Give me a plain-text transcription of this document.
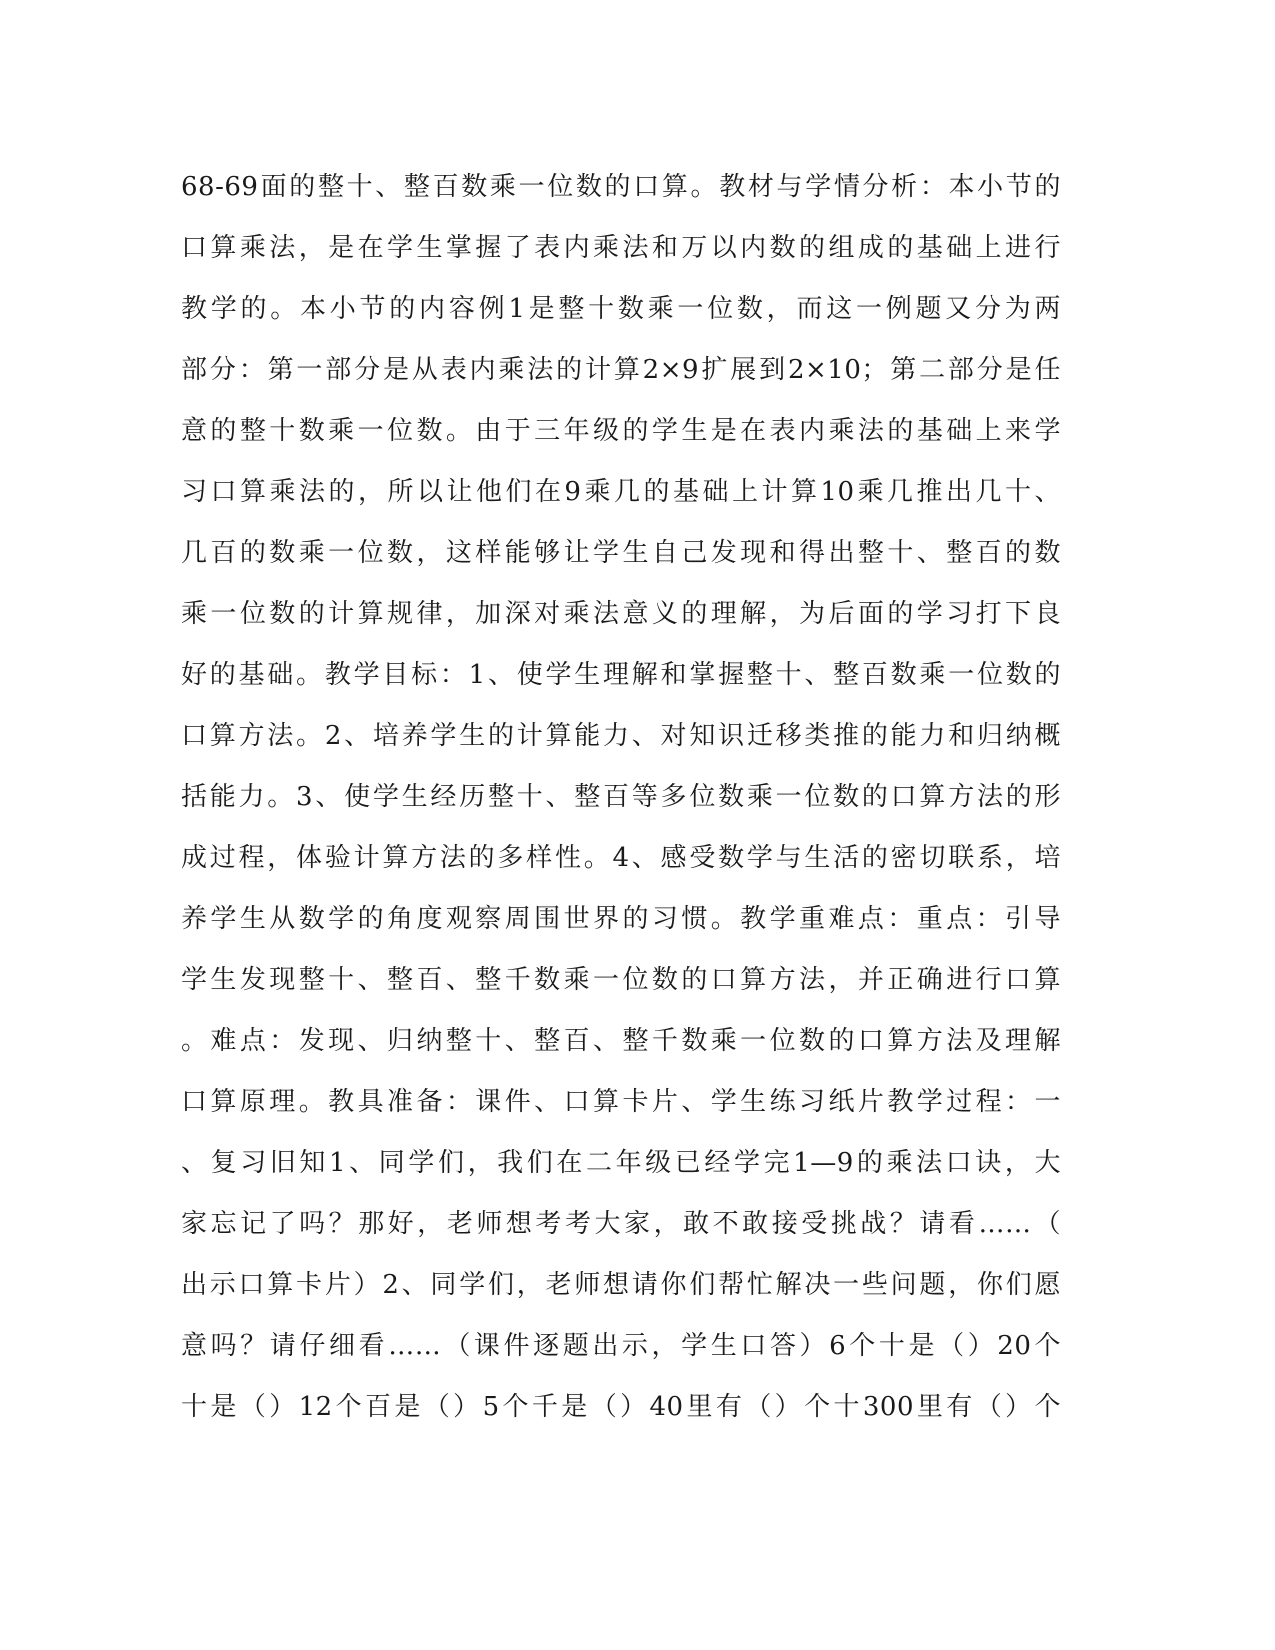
68-69面的整十、整百数乘一位数的口算。教材与学情分析：本小节的
口算乘法，是在学生掌握了表内乘法和万以内数的组成的基础上进行
教学的。本小节的内容例1是整十数乘一位数，而这一例题又分为两
部分：第一部分是从表内乘法的计算2×9扩展到2×10；第二部分是任
意的整十数乘一位数。由于三年级的学生是在表内乘法的基础上来学
习口算乘法的，所以让他们在9乘几的基础上计算10乘几推出几十、
几百的数乘一位数，这样能够让学生自己发现和得出整十、整百的数
乘一位数的计算规律，加深对乘法意义的理解，为后面的学习打下良
好的基础。教学目标：1、使学生理解和掌握整十、整百数乘一位数的
口算方法。2、培养学生的计算能力、对知识迁移类推的能力和归纳概
括能力。3、使学生经历整十、整百等多位数乘一位数的口算方法的形
成过程，体验计算方法的多样性。4、感受数学与生活的密切联系，培
养学生从数学的角度观察周围世界的习惯。教学重难点：重点：引导
学生发现整十、整百、整千数乘一位数的口算方法，并正确进行口算
。难点：发现、归纳整十、整百、整千数乘一位数的口算方法及理解
口算原理。教具准备：课件、口算卡片、学生练习纸片教学过程：一
、复习旧知1、同学们，我们在二年级已经学完1—9的乘法口诀，大
家忘记了吗？那好，老师想考考大家，敢不敢接受挑战？请看……（
出示口算卡片）2、同学们，老师想请你们帮忙解决一些问题，你们愿
意吗？请仔细看……（课件逐题出示，学生口答）6个十是（）20个
十是（）12个百是（）5个千是（）40里有（）个十300里有（）个
